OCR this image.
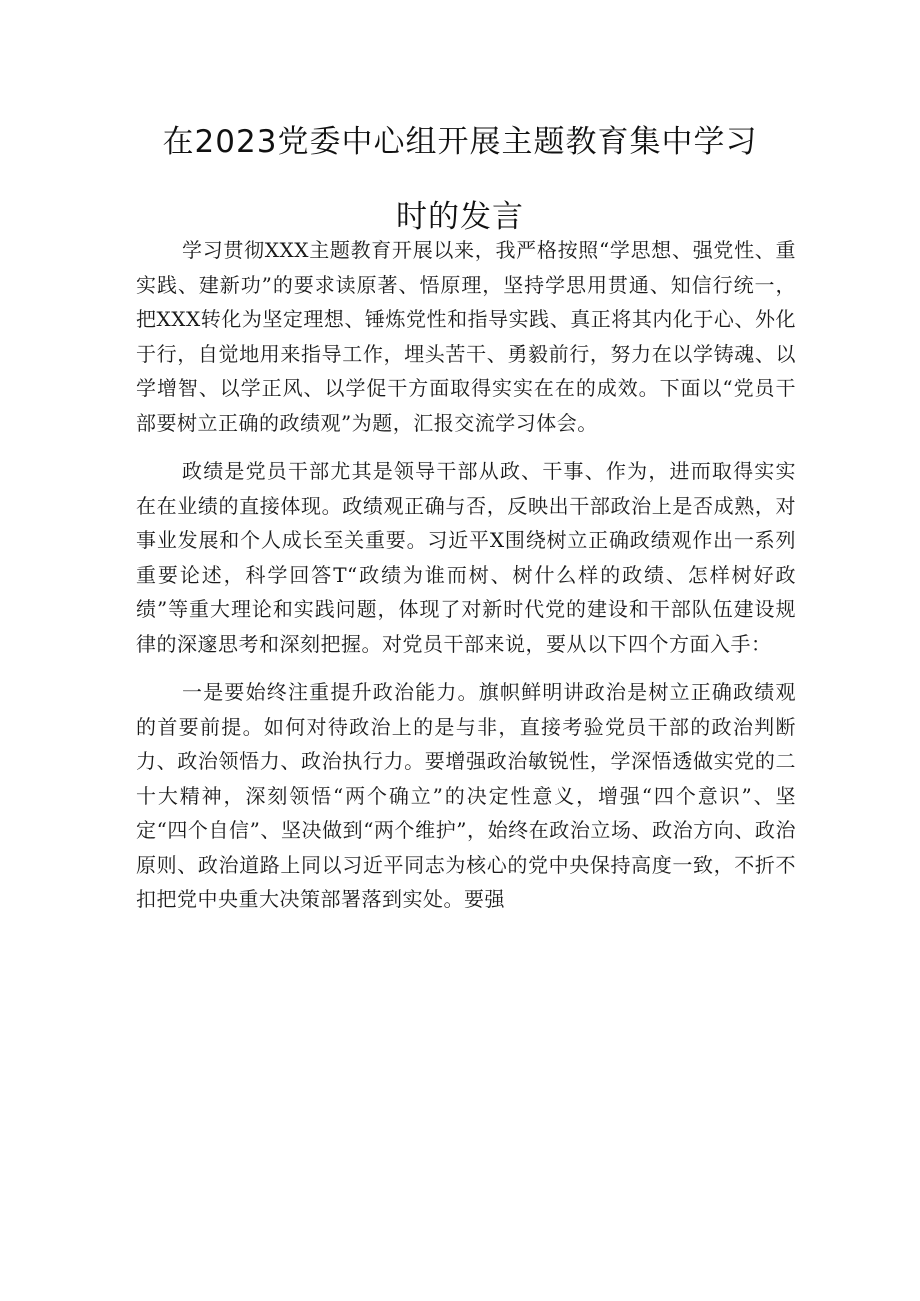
在2023党委中心组开展主题教育集中学习
时的发言

学习贯彻XXX主题教育开展以来，我严格按照“学思想、强党性、重实践、建新功”的要求读原著、悟原理，坚持学思用贯通、知信行统一，把XXX转化为坚定理想、锤炼党性和指导实践、真正将其内化于心、外化于行，自觉地用来指导工作，埋头苦干、勇毅前行，努力在以学铸魂、以学增智、以学正风、以学促干方面取得实实在在的成效。下面以“党员干部要树立正确的政绩观”为题，汇报交流学习体会。

政绩是党员干部尤其是领导干部从政、干事、作为，进而取得实实在在业绩的直接体现。政绩观正确与否，反映出干部政治上是否成熟，对事业发展和个人成长至关重要。习近平X围绕树立正确政绩观作出一系列重要论述，科学回答T“政绩为谁而树、树什么样的政绩、怎样树好政绩”等重大理论和实践问题，体现了对新时代党的建设和干部队伍建设规律的深邃思考和深刻把握。对党员干部来说，要从以下四个方面入手：

一是要始终注重提升政治能力。旗帜鲜明讲政治是树立正确政绩观的首要前提。如何对待政治上的是与非，直接考验党员干部的政治判断力、政治领悟力、政治执行力。要增强政治敏锐性，学深悟透做实党的二十大精神，深刻领悟“两个确立”的决定性意义，增强“四个意识”、坚定“四个自信”、坚决做到“两个维护”，始终在政治立场、政治方向、政治原则、政治道路上同以习近平同志为核心的党中央保持高度一致，不折不扣把党中央重大决策部署落到实处。要强
